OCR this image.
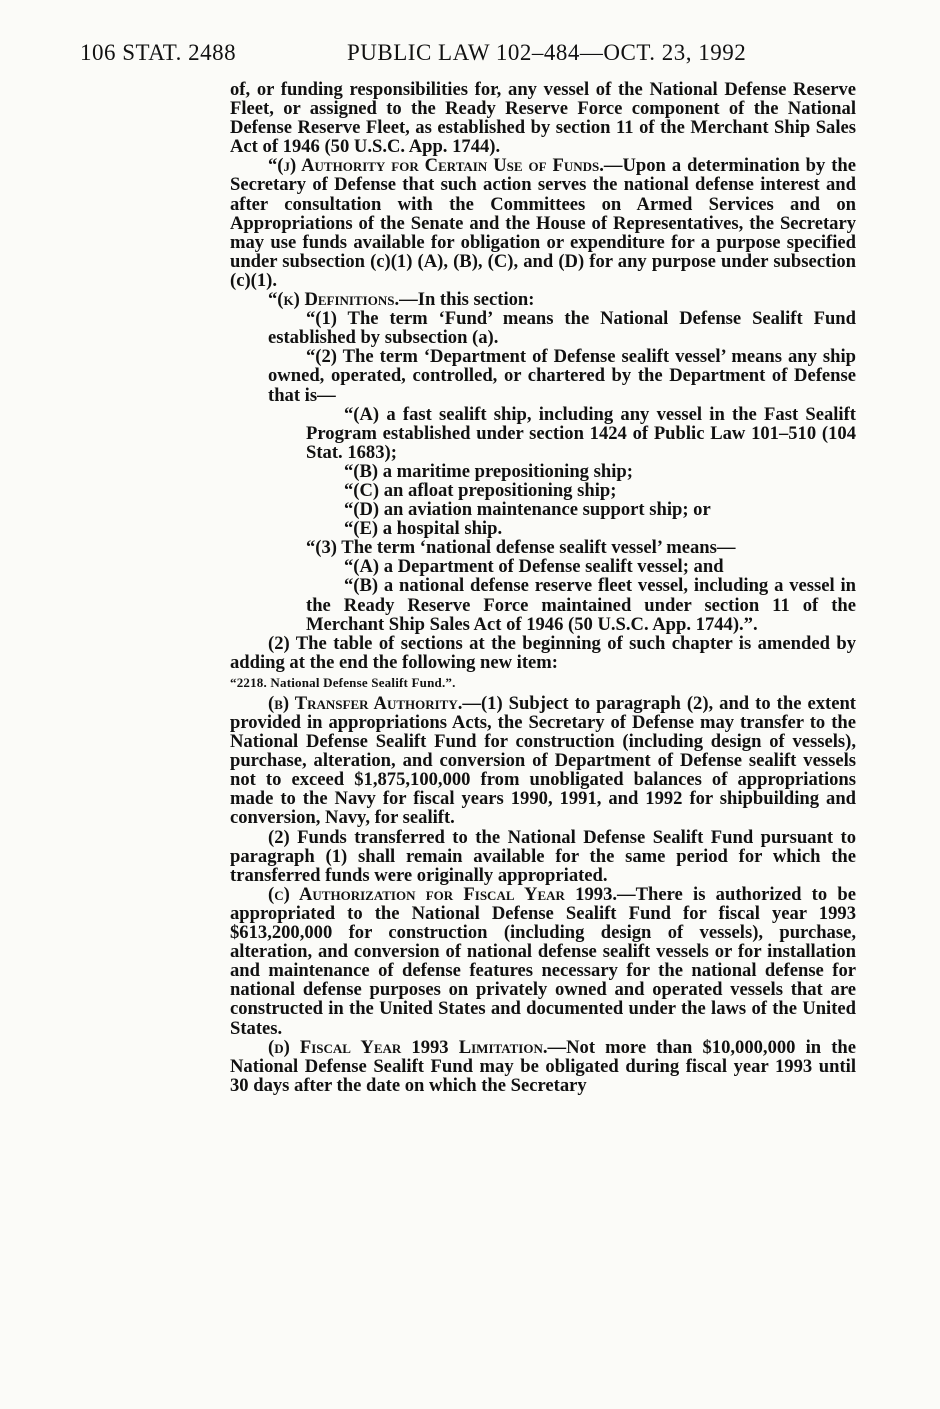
106 STAT. 2488	PUBLIC LAW 102–484—OCT. 23, 1992

of, or funding responsibilities for, any vessel of the National Defense Reserve Fleet, or assigned to the Ready Reserve Force component of the National Defense Reserve Fleet, as established by section 11 of the Merchant Ship Sales Act of 1946 (50 U.S.C. App. 1744).

“(j) Authority for Certain Use of Funds.—Upon a determination by the Secretary of Defense that such action serves the national defense interest and after consultation with the Committees on Armed Services and on Appropriations of the Senate and the House of Representatives, the Secretary may use funds available for obligation or expenditure for a purpose specified under subsection (c)(1) (A), (B), (C), and (D) for any purpose under subsection (c)(1).

“(k) Definitions.—In this section:

“(1) The term ‘Fund’ means the National Defense Sealift Fund established by subsection (a).

“(2) The term ‘Department of Defense sealift vessel’ means any ship owned, operated, controlled, or chartered by the Department of Defense that is—

“(A) a fast sealift ship, including any vessel in the Fast Sealift Program established under section 1424 of Public Law 101–510 (104 Stat. 1683);

“(B) a maritime prepositioning ship;

“(C) an afloat prepositioning ship;

“(D) an aviation maintenance support ship; or

“(E) a hospital ship.

“(3) The term ‘national defense sealift vessel’ means—

“(A) a Department of Defense sealift vessel; and

“(B) a national defense reserve fleet vessel, including a vessel in the Ready Reserve Force maintained under section 11 of the Merchant Ship Sales Act of 1946 (50 U.S.C. App. 1744).”.

(2) The table of sections at the beginning of such chapter is amended by adding at the end the following new item:

“2218. National Defense Sealift Fund.”.

(b) Transfer Authority.—(1) Subject to paragraph (2), and to the extent provided in appropriations Acts, the Secretary of Defense may transfer to the National Defense Sealift Fund for construction (including design of vessels), purchase, alteration, and conversion of Department of Defense sealift vessels not to exceed $1,875,100,000 from unobligated balances of appropriations made to the Navy for fiscal years 1990, 1991, and 1992 for shipbuilding and conversion, Navy, for sealift.

(2) Funds transferred to the National Defense Sealift Fund pursuant to paragraph (1) shall remain available for the same period for which the transferred funds were originally appropriated.

(c) Authorization for Fiscal Year 1993.—There is authorized to be appropriated to the National Defense Sealift Fund for fiscal year 1993 $613,200,000 for construction (including design of vessels), purchase, alteration, and conversion of national defense sealift vessels or for installation and maintenance of defense features necessary for the national defense for national defense purposes on privately owned and operated vessels that are constructed in the United States and documented under the laws of the United States.

(d) Fiscal Year 1993 Limitation.—Not more than $10,000,000 in the National Defense Sealift Fund may be obligated during fiscal year 1993 until 30 days after the date on which the Secretary
